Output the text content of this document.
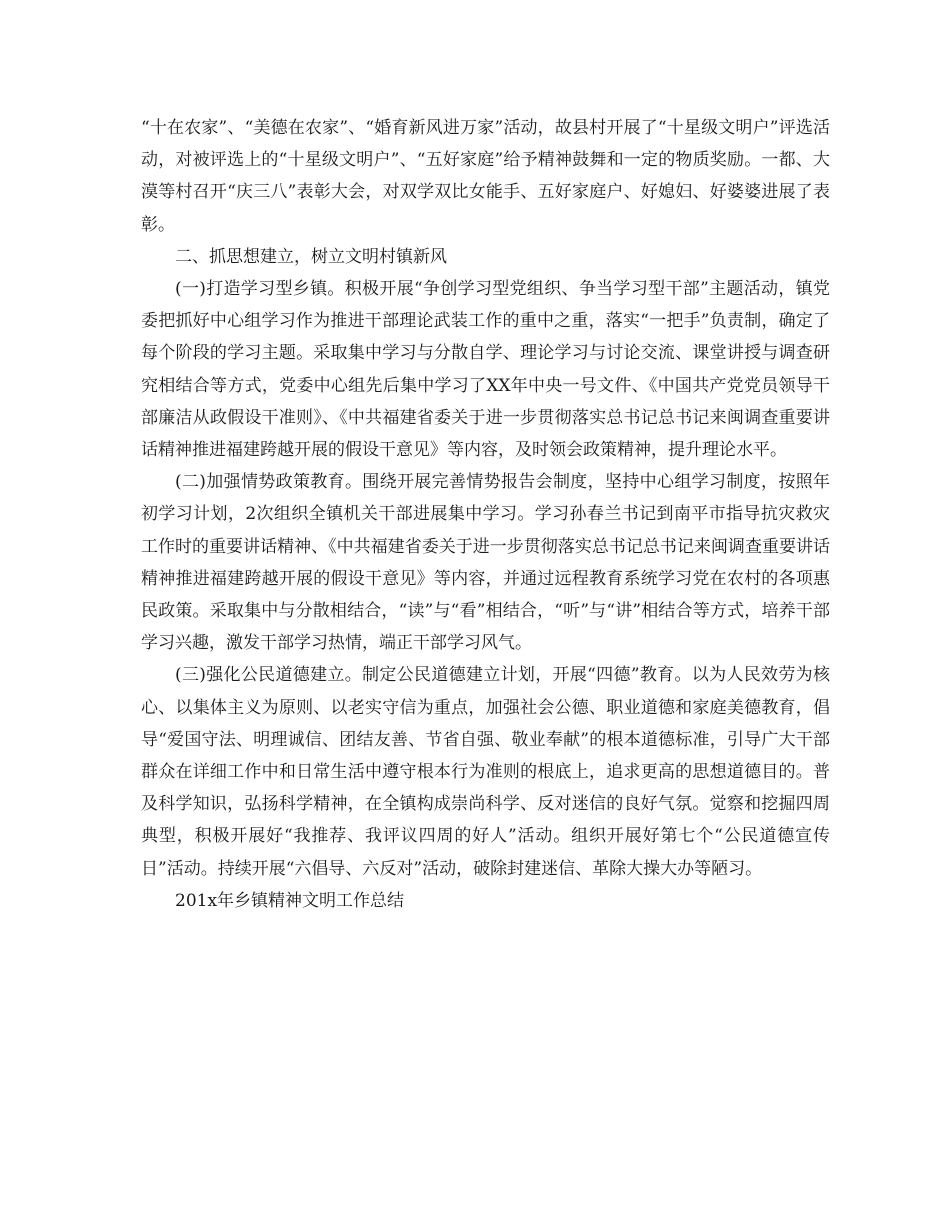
“十在农家”、“美德在农家”、“婚育新风进万家”活动，故县村开展了“十星级文明户”评选活动，对被评选上的“十星级文明户”、“五好家庭”给予精神鼓舞和一定的物质奖励。一都、大漠等村召开“庆三八”表彰大会，对双学双比女能手、五好家庭户、好媳妇、好婆婆进展了表彰。

二、抓思想建立，树立文明村镇新风

(一)打造学习型乡镇。积极开展“争创学习型党组织、争当学习型干部”主题活动，镇党委把抓好中心组学习作为推进干部理论武装工作的重中之重，落实“一把手”负责制，确定了每个阶段的学习主题。采取集中学习与分散自学、理论学习与讨论交流、课堂讲授与调查研究相结合等方式，党委中心组先后集中学习了XX年中央一号文件、《中国共产党党员领导干部廉洁从政假设干准则》、《中共福建省委关于进一步贯彻落实总书记总书记来闽调查重要讲话精神推进福建跨越开展的假设干意见》等内容，及时领会政策精神，提升理论水平。

(二)加强情势政策教育。围绕开展完善情势报告会制度，坚持中心组学习制度，按照年初学习计划，2次组织全镇机关干部进展集中学习。学习孙春兰书记到南平市指导抗灾救灾工作时的重要讲话精神、《中共福建省委关于进一步贯彻落实总书记总书记来闽调查重要讲话精神推进福建跨越开展的假设干意见》等内容，并通过远程教育系统学习党在农村的各项惠民政策。采取集中与分散相结合，“读”与“看”相结合，“听”与“讲”相结合等方式，培养干部学习兴趣，激发干部学习热情，端正干部学习风气。

(三)强化公民道德建立。制定公民道德建立计划，开展“四德”教育。以为人民效劳为核心、以集体主义为原则、以老实守信为重点，加强社会公德、职业道德和家庭美德教育，倡导“爱国守法、明理诚信、团结友善、节省自强、敬业奉献”的根本道德标准，引导广大干部群众在详细工作中和日常生活中遵守根本行为准则的根底上，追求更高的思想道德目的。普及科学知识，弘扬科学精神，在全镇构成崇尚科学、反对迷信的良好气氛。觉察和挖掘四周典型，积极开展好“我推荐、我评议四周的好人”活动。组织开展好第七个“公民道德宣传日”活动。持续开展“六倡导、六反对”活动，破除封建迷信、革除大操大办等陋习。

201x年乡镇精神文明工作总结
